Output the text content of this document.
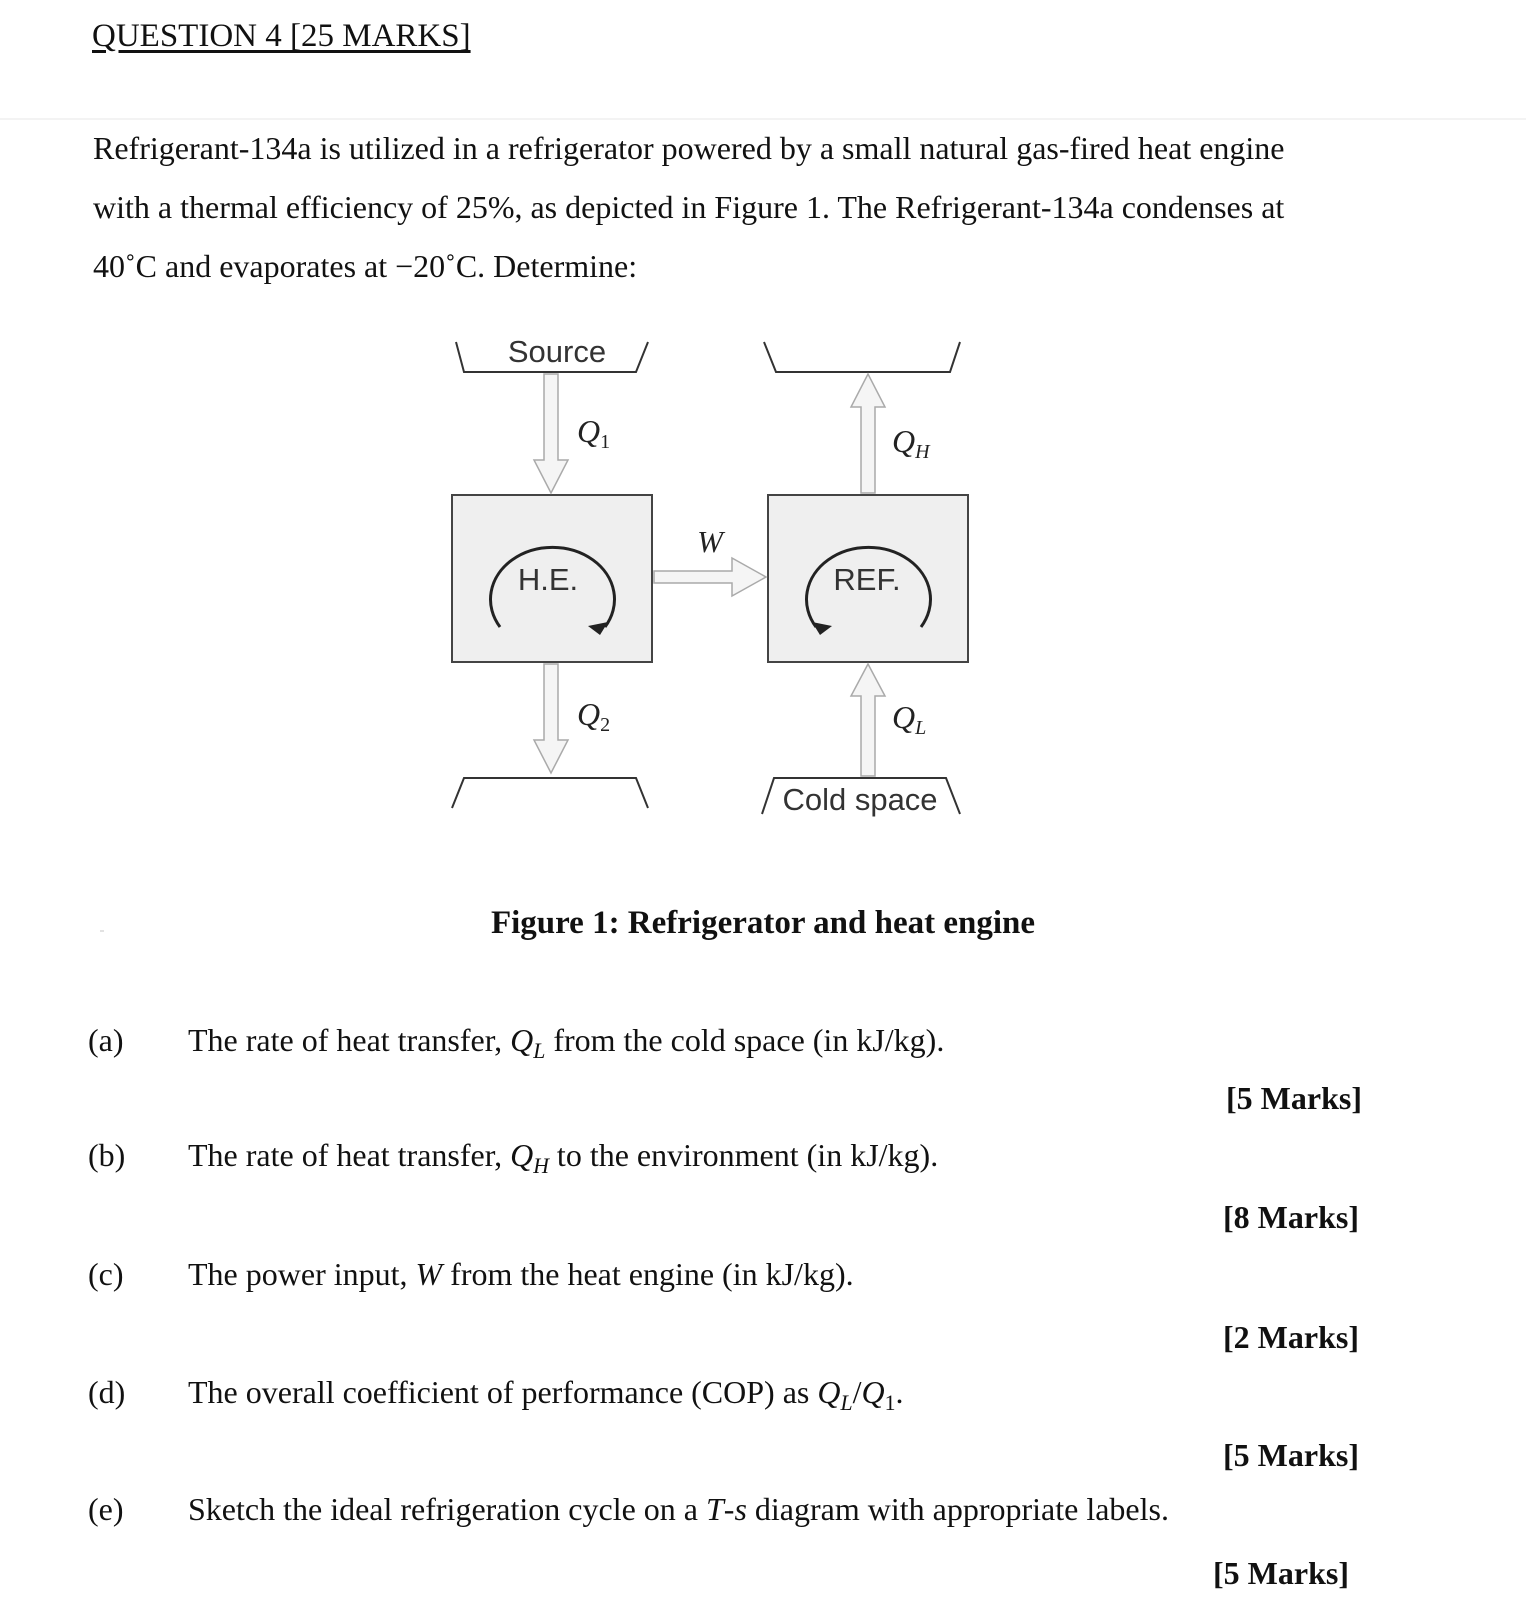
QUESTION 4 [25 MARKS]
Refrigerant-134a is utilized in a refrigerator powered by a small natural gas-fired heat engine
with a thermal efficiency of 25%, as depicted in Figure 1. The Refrigerant-134a condenses at
40˚C and evaporates at −20˚C. Determine:
Source
Cold space
H.E.	REF.
Q1
Q2
QH
QL
W
Figure 1: Refrigerator and heat engine
(a) The rate of heat transfer, $Q_L$ from the cold space (in kJ/kg).
[5 Marks]
(b) The rate of heat transfer, $Q_H$ to the environment (in kJ/kg).
[8 Marks]
(c) The power input, W from the heat engine (in kJ/kg).
[2 Marks]
(d) The overall coefficient of performance (COP) as $Q_L/Q_1$.
[5 Marks]
(e) Sketch the ideal refrigeration cycle on a T-s diagram with appropriate labels.
[5 Marks]
